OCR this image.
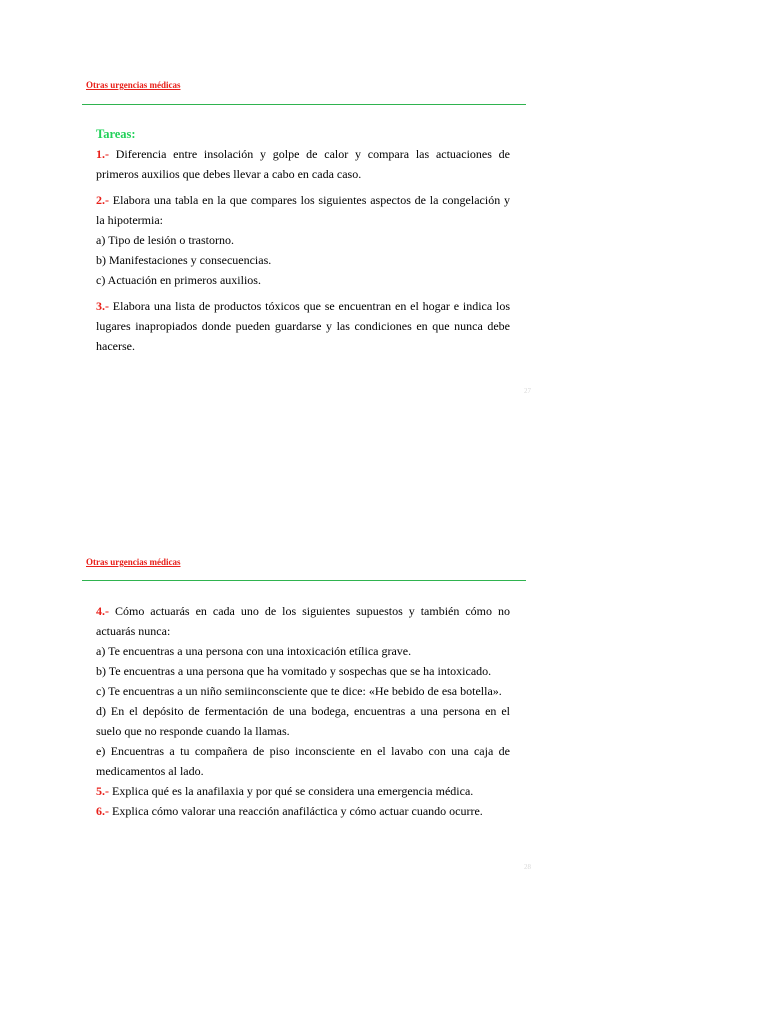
Otras urgencias médicas

Tareas:

1.- Diferencia entre insolación y golpe de calor y compara las actuaciones de primeros auxilios que debes llevar a cabo en cada caso.

2.- Elabora una tabla en la que compares los siguientes aspectos de la congelación y la hipotermia:

a) Tipo de lesión o trastorno.

b) Manifestaciones y consecuencias.

c) Actuación en primeros auxilios.

3.- Elabora una lista de productos tóxicos que se encuentran en el hogar e indica los lugares inapropiados donde pueden guardarse y las condiciones en que nunca debe hacerse.

27
Otras urgencias médicas

4.- Cómo actuarás en cada uno de los siguientes supuestos y también cómo no actuarás nunca:

a) Te encuentras a una persona con una intoxicación etílica grave.

b) Te encuentras a una persona que ha vomitado y sospechas que se ha intoxicado.

c) Te encuentras a un niño semiinconsciente que te dice: «He bebido de esa botella».

d) En el depósito de fermentación de una bodega, encuentras a una persona en el suelo que no responde cuando la llamas.

e) Encuentras a tu compañera de piso inconsciente en el lavabo con una caja de medicamentos al lado.

5.- Explica qué es la anafilaxia y por qué se considera una emergencia médica.

6.- Explica cómo valorar una reacción anafiláctica y cómo actuar cuando ocurre.

28
